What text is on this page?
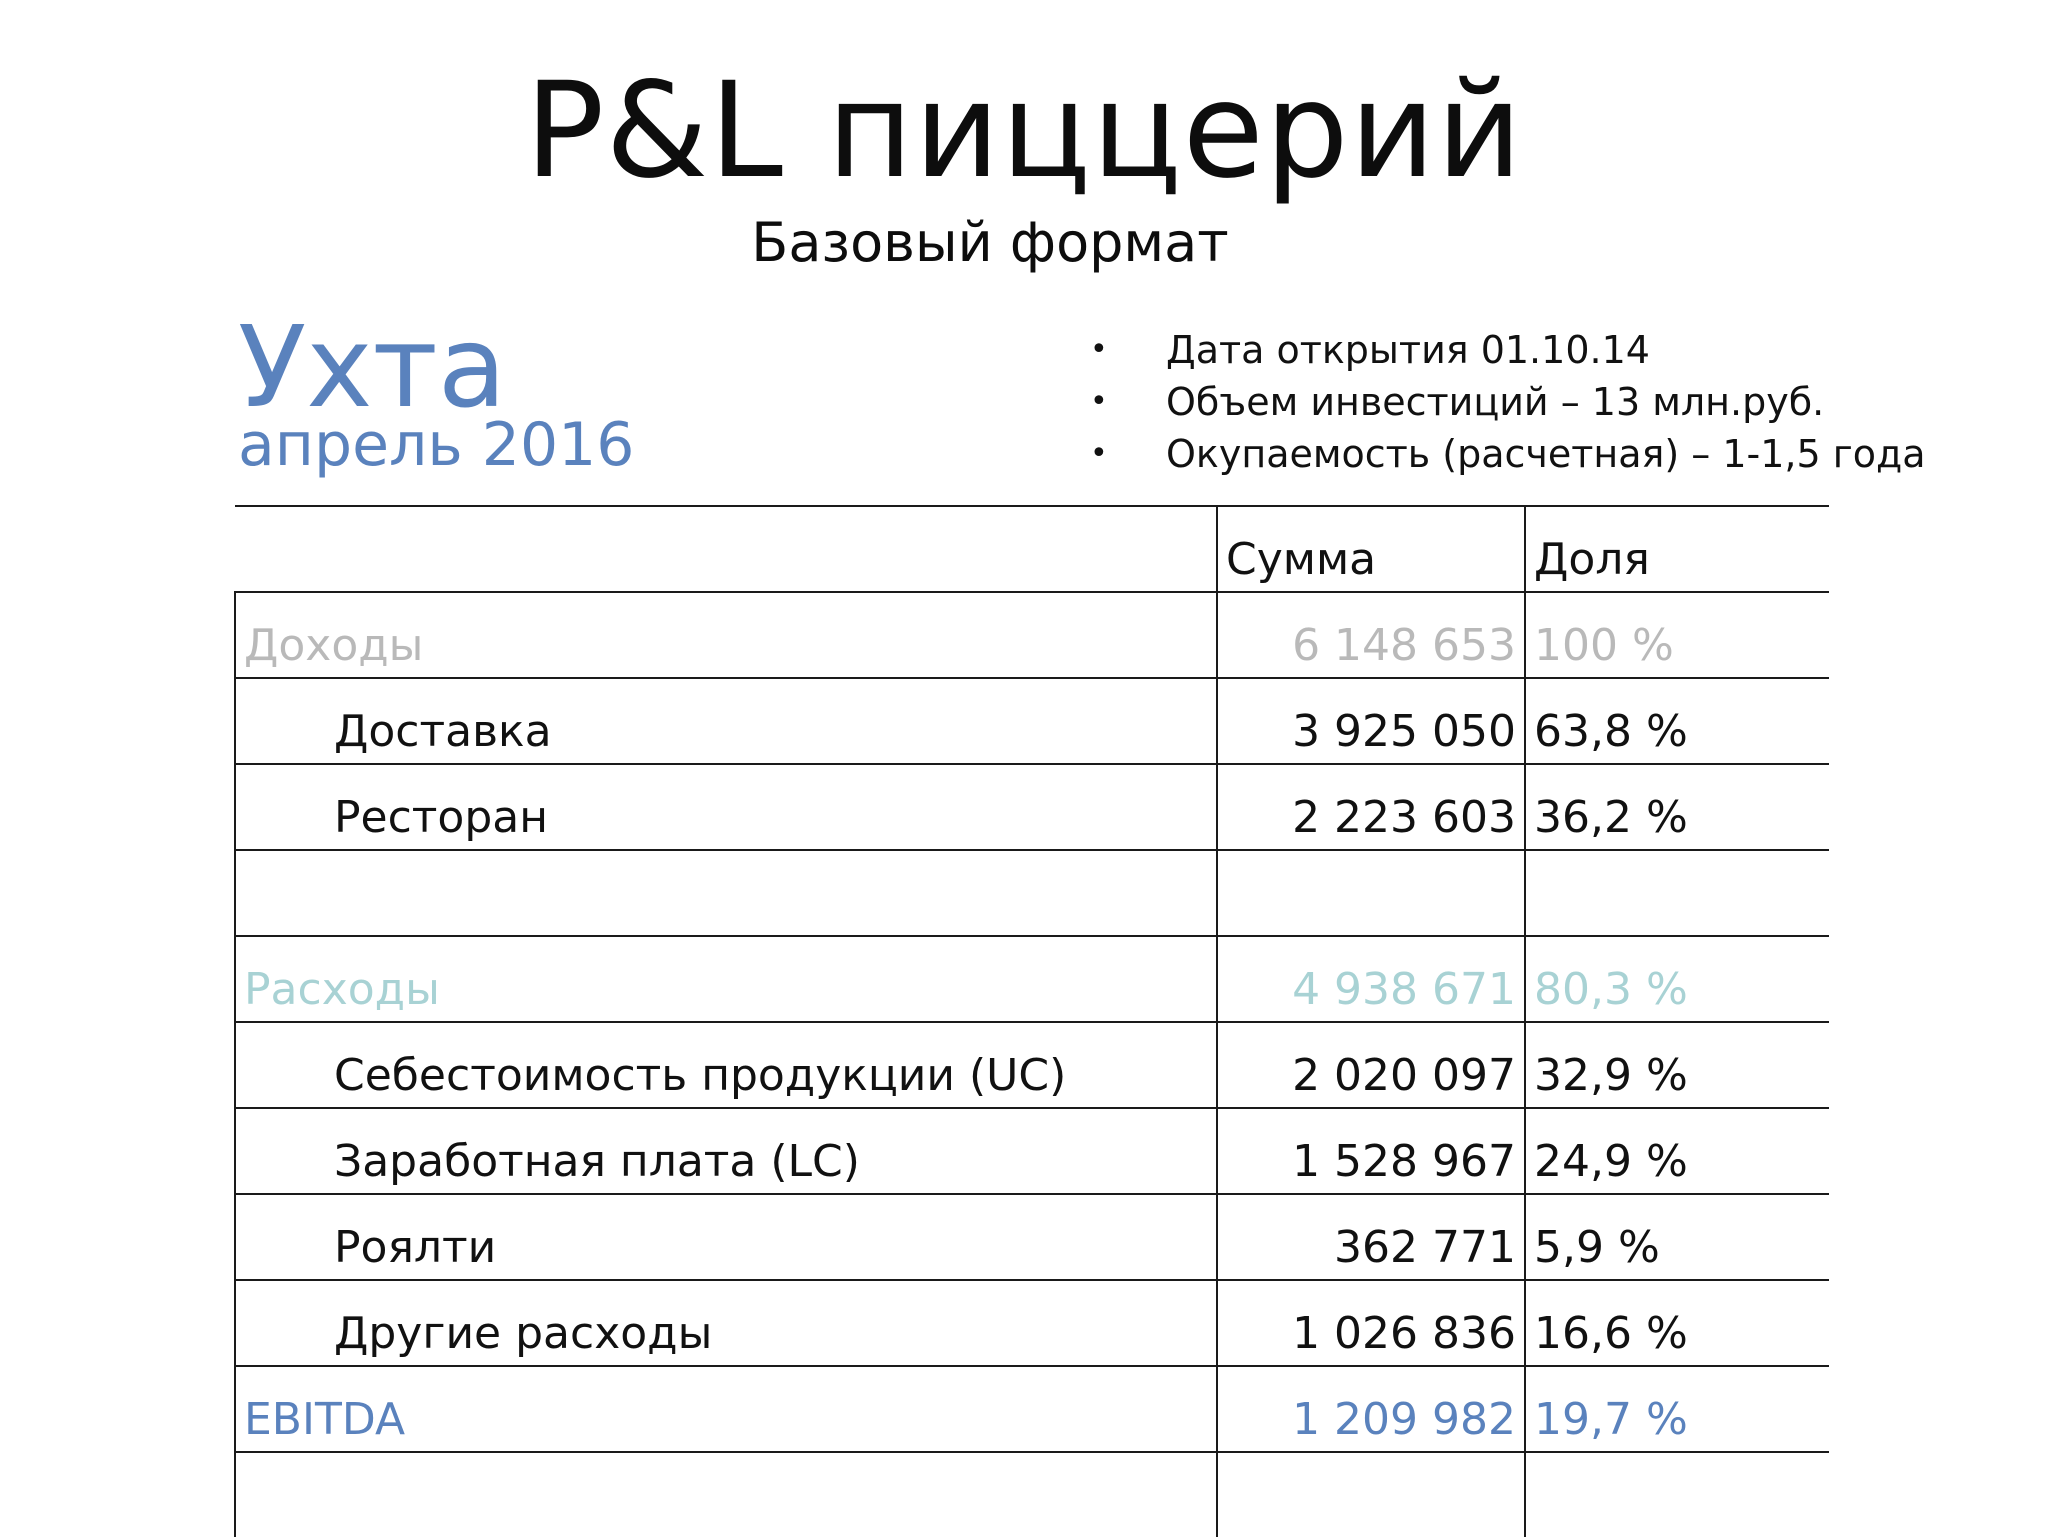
P&L пиццерий
Базовый формат
Ухта
апрель 2016
• Дата открытия 01.10.14
• Объем инвестиций – 13 млн.руб.
• Окупаемость (расчетная) – 1-1,5 года
	Сумма	Доля
Доходы	6 148 653	100 %
Доставка	3 925 050	63,8 %
Ресторан	2 223 603	36,2 %

Расходы	4 938 671	80,3 %
Себестоимость продукции (UC)	2 020 097	32,9 %
Заработная плата (LC)	1 528 967	24,9 %
Роялти	362 771	5,9 %
Другие расходы	1 026 836	16,6 %
EBITDA	1 209 982	19,7 %
